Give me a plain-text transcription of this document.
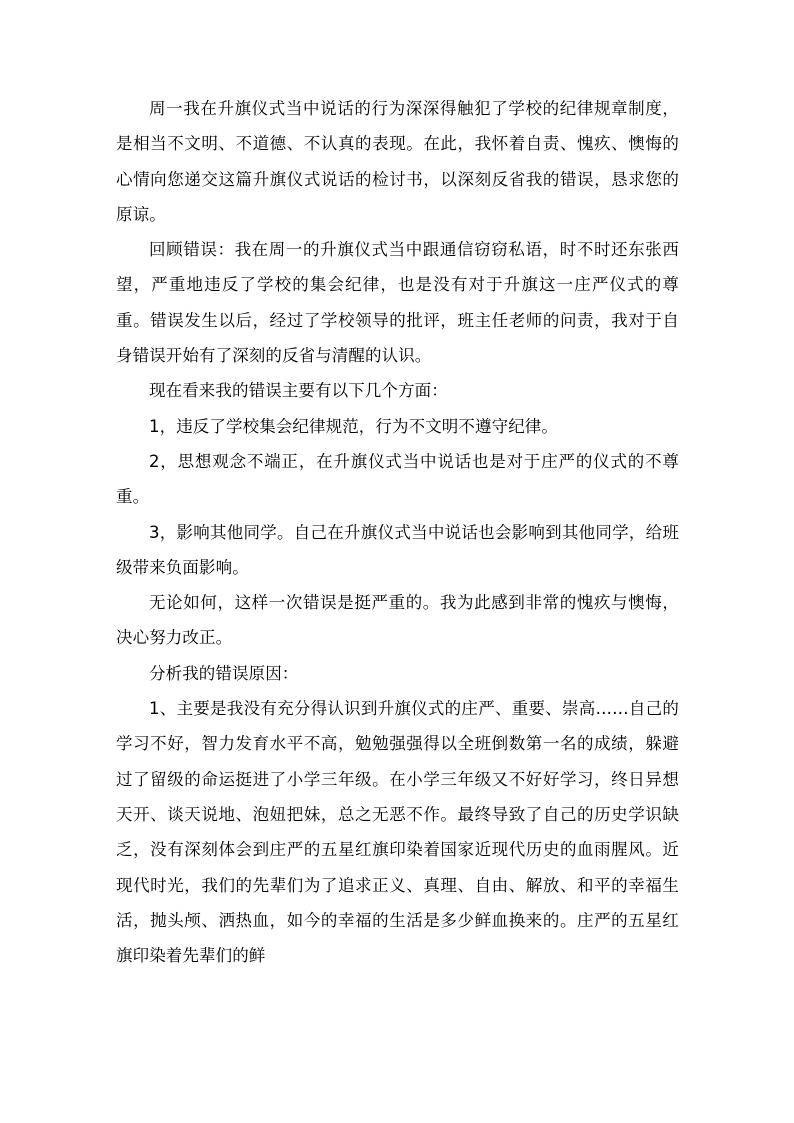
周一我在升旗仪式当中说话的行为深深得触犯了学校的纪律规章制度，是相当不文明、不道德、不认真的表现。在此，我怀着自责、愧疚、懊悔的心情向您递交这篇升旗仪式说话的检讨书，以深刻反省我的错误，恳求您的原谅。

回顾错误：我在周一的升旗仪式当中跟通信窃窃私语，时不时还东张西望，严重地违反了学校的集会纪律，也是没有对于升旗这一庄严仪式的尊重。错误发生以后，经过了学校领导的批评，班主任老师的问责，我对于自身错误开始有了深刻的反省与清醒的认识。

现在看来我的错误主要有以下几个方面：

1，违反了学校集会纪律规范，行为不文明不遵守纪律。

2，思想观念不端正，在升旗仪式当中说话也是对于庄严的仪式的不尊重。

3，影响其他同学。自己在升旗仪式当中说话也会影响到其他同学，给班级带来负面影响。

无论如何，这样一次错误是挺严重的。我为此感到非常的愧疚与懊悔，决心努力改正。

分析我的错误原因：

1、主要是我没有充分得认识到升旗仪式的庄严、重要、崇高……自己的学习不好，智力发育水平不高，勉勉强强得以全班倒数第一名的成绩，躲避过了留级的命运挺进了小学三年级。在小学三年级又不好好学习，终日异想天开、谈天说地、泡妞把妹，总之无恶不作。最终导致了自己的历史学识缺乏，没有深刻体会到庄严的五星红旗印染着国家近现代历史的血雨腥风。近现代时光，我们的先辈们为了追求正义、真理、自由、解放、和平的幸福生活，抛头颅、洒热血，如今的幸福的生活是多少鲜血换来的。庄严的五星红旗印染着先辈们的鲜
